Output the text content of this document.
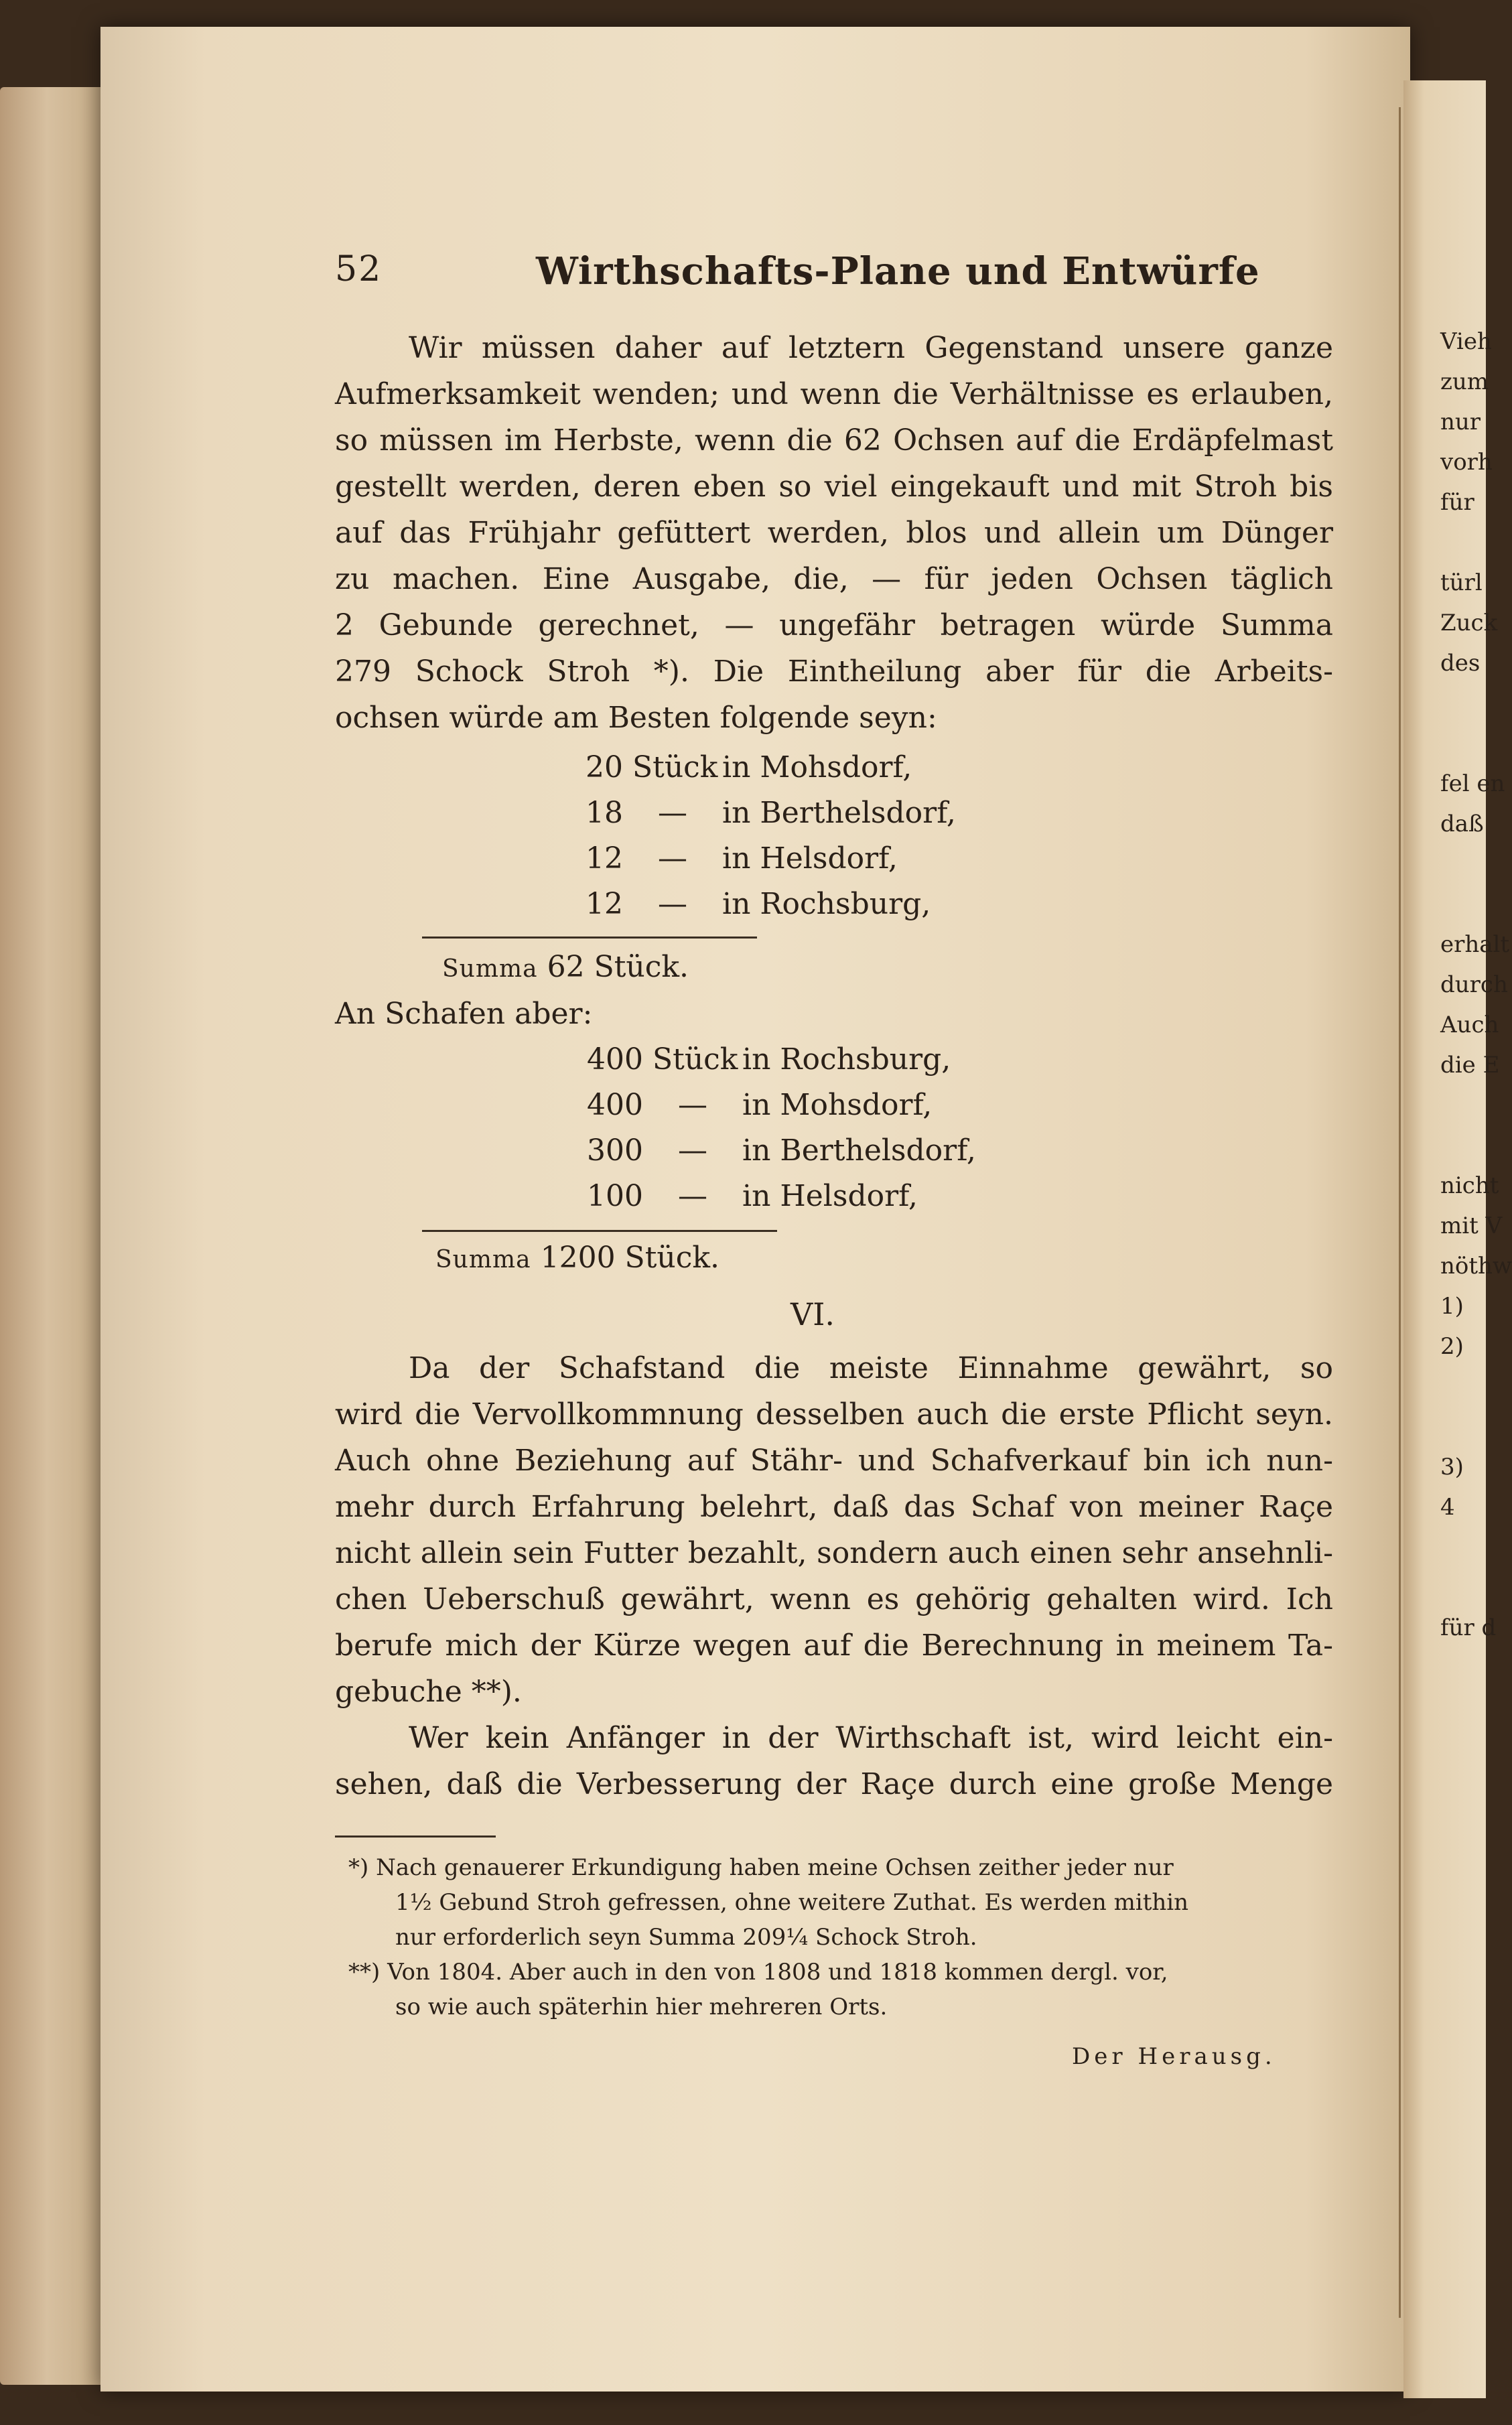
52	Wirthschafts-Plane und Entwürfe
Wir müssen daher auf letztern Gegenstand unsere ganze
Aufmerksamkeit wenden; und wenn die Verhältnisse es erlauben,
so müssen im Herbste, wenn die 62 Ochsen auf die Erdäpfelmast
gestellt werden, deren eben so viel eingekauft und mit Stroh bis
auf das Frühjahr gefüttert werden, blos und allein um Dünger
zu machen. Eine Ausgabe, die, — für jeden Ochsen täglich
2 Gebunde gerechnet, — ungefähr betragen würde Summa
279 Schock Stroh *). Die Eintheilung aber für die Arbeits-
ochsen würde am Besten folgende seyn:
20 Stück in Mohsdorf,
18 — in Berthelsdorf,
12 — in Helsdorf,
12 — in Rochsburg,
Summa 62 Stück.
An Schafen aber:
400 Stück in Rochsburg,
400 — in Mohsdorf,
300 — in Berthelsdorf,
100 — in Helsdorf,
Summa 1200 Stück.
VI.
Da der Schafstand die meiste Einnahme gewährt, so
wird die Vervollkommnung desselben auch die erste Pflicht seyn.
Auch ohne Beziehung auf Stähr- und Schafverkauf bin ich nun-
mehr durch Erfahrung belehrt, daß das Schaf von meiner Raçe
nicht allein sein Futter bezahlt, sondern auch einen sehr ansehnli-
chen Ueberschuß gewährt, wenn es gehörig gehalten wird. Ich
berufe mich der Kürze wegen auf die Berechnung in meinem Ta-
gebuche **).
Wer kein Anfänger in der Wirthschaft ist, wird leicht ein-
sehen, daß die Verbesserung der Raçe durch eine große Menge
*) Nach genauerer Erkundigung haben meine Ochsen zeither jeder nur
1½ Gebund Stroh gefressen, ohne weitere Zuthat. Es werden mithin
nur erforderlich seyn Summa 209¼ Schock Stroh.
**) Von 1804. Aber auch in den von 1808 und 1818 kommen dergl. vor,
so wie auch späterhin hier mehreren Orts.
Der Herausg.
Vieh
zum
nur
vorh
für

türl
Zuck
des

fel en
daß

erhalt
durch
Auch
die E

nicht
mit V
nöthw
1)
2)

3)
4

für d
